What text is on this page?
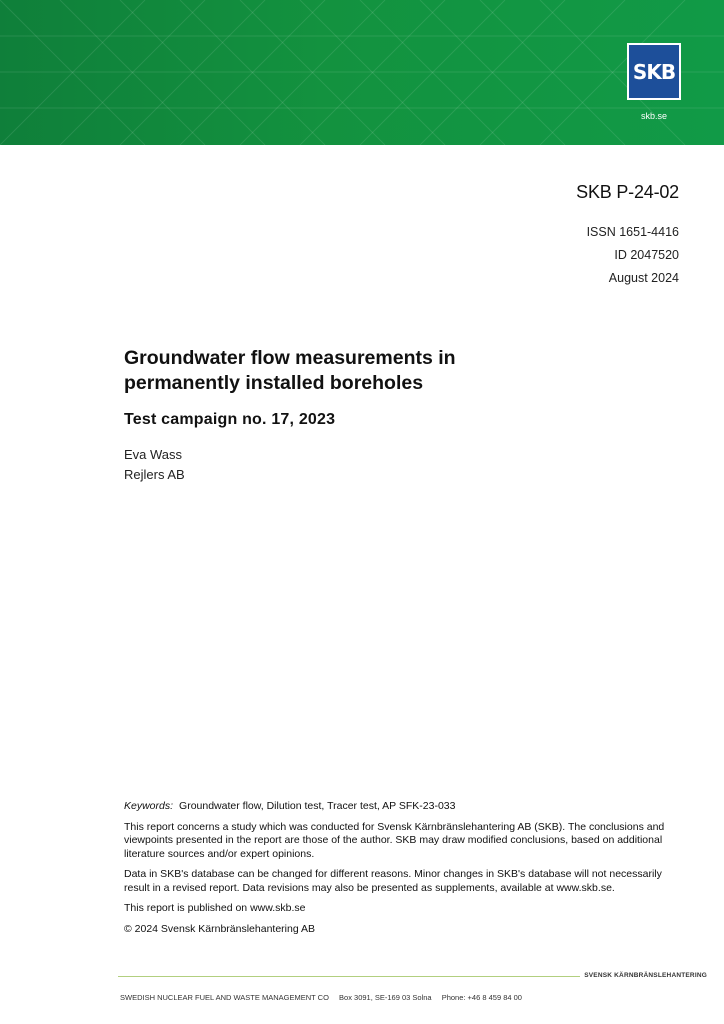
SKB
skb.se
SKB P-24-02
ISSN 1651-4416
ID 2047520
August 2024
Groundwater flow measurements in
permanently installed boreholes
Test campaign no. 17, 2023
Eva Wass
Rejlers AB

Keywords: Groundwater flow, Dilution test, Tracer test, AP SFK-23-033

This report concerns a study which was conducted for Svensk Kärnbränslehantering AB (SKB). The conclusions and viewpoints presented in the report are those of the author. SKB may draw modified conclusions, based on additional literature sources and/or expert opinions.

Data in SKB's database can be changed for different reasons. Minor changes in SKB's database will not necessarily result in a revised report. Data revisions may also be presented as supplements, available at www.skb.se.

This report is published on www.skb.se

© 2024 Svensk Kärnbränslehantering AB

SVENSK KÄRNBRÄNSLEHANTERING
SWEDISH NUCLEAR FUEL AND WASTE MANAGEMENT CO Box 3091, SE-169 03 Solna Phone: +46 8 459 84 00
